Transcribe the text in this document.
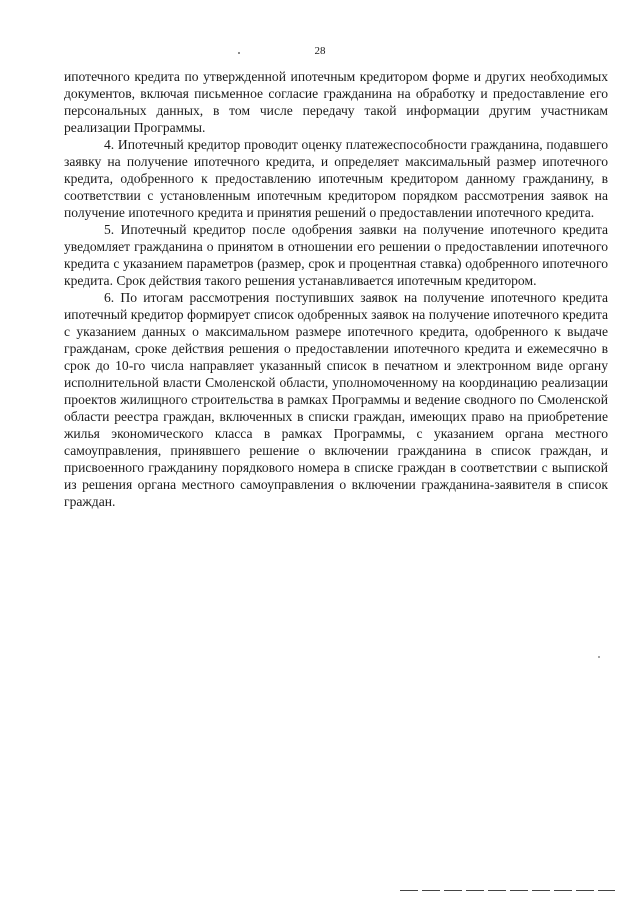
28

ипотечного кредита по утвержденной ипотечным кредитором форме и других необходимых документов, включая письменное согласие гражданина на обработку и предоставление его персональных данных, в том числе передачу такой информации другим участникам реализации Программы.

4. Ипотечный кредитор проводит оценку платежеспособности гражданина, подавшего заявку на получение ипотечного кредита, и определяет максимальный размер ипотечного кредита, одобренного к предоставлению ипотечным кредитором данному гражданину, в соответствии с установленным ипотечным кредитором порядком рассмотрения заявок на получение ипотечного кредита и принятия решений о предоставлении ипотечного кредита.

5. Ипотечный кредитор после одобрения заявки на получение ипотечного кредита уведомляет гражданина о принятом в отношении его решении о предоставлении ипотечного кредита с указанием параметров (размер, срок и процентная ставка) одобренного ипотечного кредита. Срок действия такого решения устанавливается ипотечным кредитором.

6. По итогам рассмотрения поступивших заявок на получение ипотечного кредита ипотечный кредитор формирует список одобренных заявок на получение ипотечного кредита с указанием данных о максимальном размере ипотечного кредита, одобренного к выдаче гражданам, сроке действия решения о предоставлении ипотечного кредита и ежемесячно в срок до 10-го числа направляет указанный список в печатном и электронном виде органу исполнительной власти Смоленской области, уполномоченному на координацию реализации проектов жилищного строительства в рамках Программы и ведение сводного по Смоленской области реестра граждан, включенных в списки граждан, имеющих право на приобретение жилья экономического класса в рамках Программы, с указанием органа местного самоуправления, принявшего решение о включении гражданина в список граждан, и присвоенного гражданину порядкового номера в списке граждан в соответствии с выпиской из решения органа местного самоуправления о включении гражданина-заявителя в список граждан.
